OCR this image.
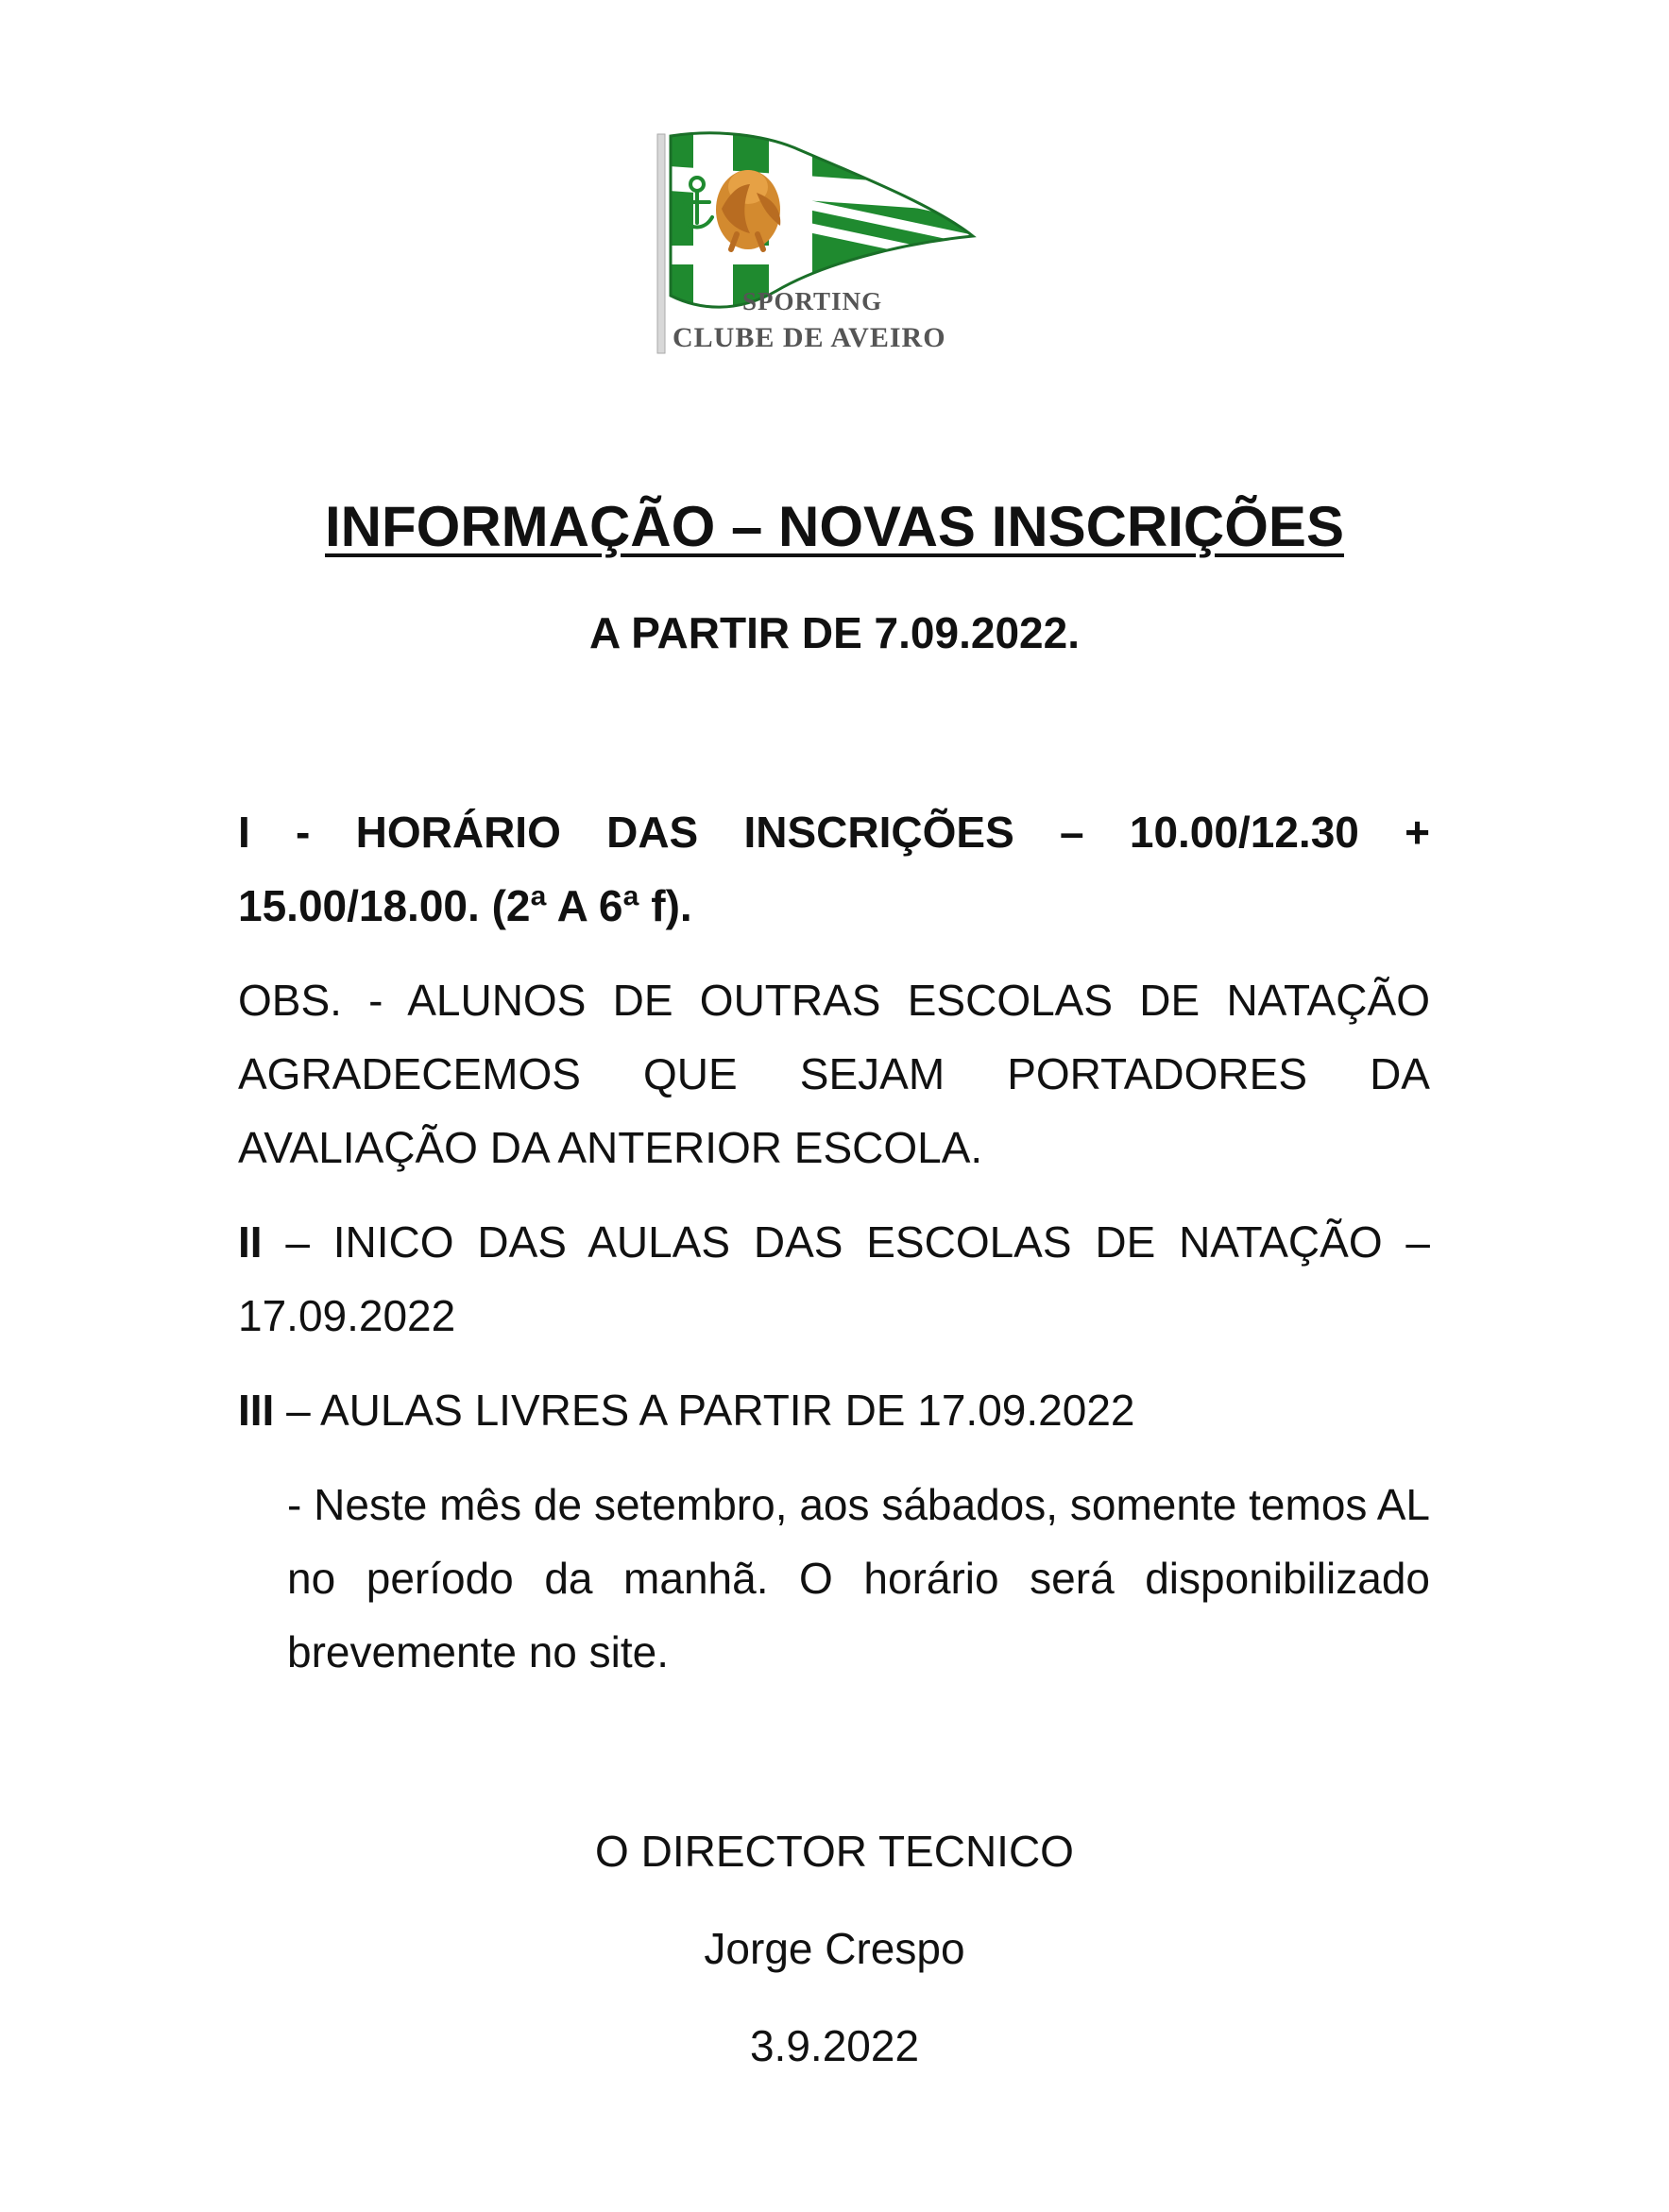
SPORTING
CLUBE DE AVEIRO
INFORMAÇÃO – NOVAS INSCRIÇÕES
A PARTIR DE 7.09.2022.

I - HORÁRIO DAS INSCRIÇÕES – 10.00/12.30 + 15.00/18.00. (2ª A 6ª f).

OBS. - ALUNOS DE OUTRAS ESCOLAS DE NATAÇÃO AGRADECEMOS QUE SEJAM PORTADORES DA AVALIAÇÃO DA ANTERIOR ESCOLA.

II – INICO DAS AULAS DAS ESCOLAS DE NATAÇÃO – 17.09.2022

III – AULAS LIVRES A PARTIR DE 17.09.2022

- Neste mês de setembro, aos sábados, somente temos AL no período da manhã. O horário será disponibilizado brevemente no site.

O DIRECTOR TECNICO
Jorge Crespo
3.9.2022
